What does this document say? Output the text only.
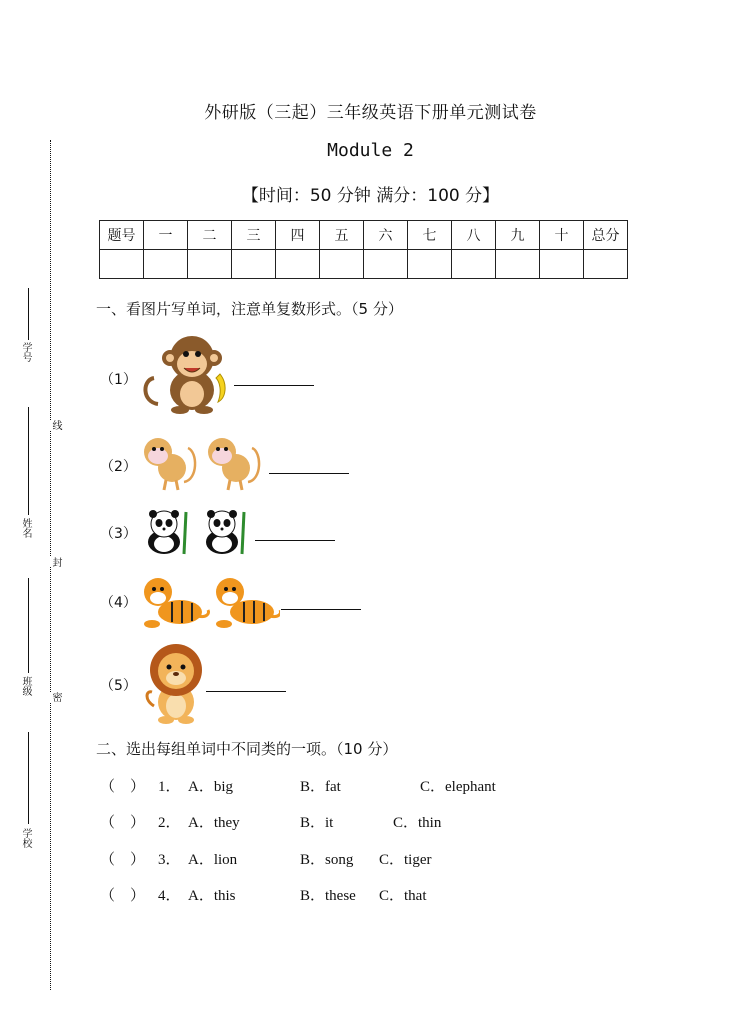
学号
姓名
班级
学校
线
封
密
外研版（三起）三年级英语下册单元测试卷
Module 2
【时间：50 分钟 满分：100 分】
题号	一	二	三	四	五	六	七	八	九	十	总分

一、看图片写单词，注意单复数形式。（5 分）
（1）
（2）
（3）
（4）
（5）
二、选出每组单词中不同类的一项。（10 分）
（　） 1． A．big	B．fat	C．elephant
（　） 2． A．they	B．it	C．thin
（　） 3． A．lion	B．song C．tiger
（　） 4． A．this	B．these C．that
